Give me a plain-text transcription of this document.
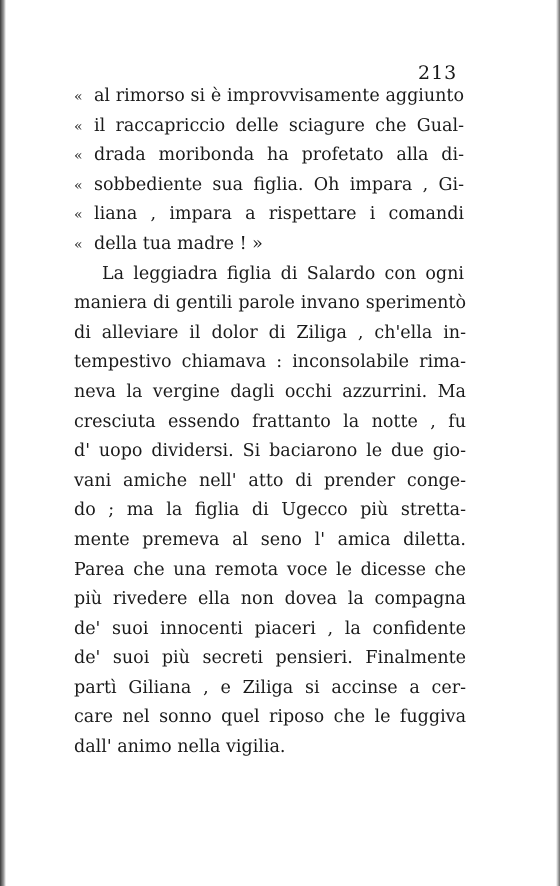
213

« al rimorso si è improvvisamente aggiunto
« il raccapriccio delle sciagure che Gual-
« drada moribonda ha profetato alla di-
« sobbediente sua figlia. Oh impara , Gi-
« liana , impara a rispettare i comandi
« della tua madre ! »
La leggiadra figlia di Salardo con ogni
maniera di gentili parole invano sperimentò
di alleviare il dolor di Ziliga , ch'ella in-
tempestivo chiamava : inconsolabile rima-
neva la vergine dagli occhi azzurrini. Ma
cresciuta essendo frattanto la notte , fu
d' uopo dividersi. Si baciarono le due gio-
vani amiche nell' atto di prender conge-
do ; ma la figlia di Ugeccо più stretta-
mente premeva al seno l' amica diletta.
Parea che una remota voce le dicesse che
più rivedere ella non dovea la compagna
de' suoi innocenti piaceri , la confidente
de' suoi più secreti pensieri. Finalmente
partì Giliana , e Ziliga si accinse a cer-
care nel sonno quel riposo che le fuggiva
dall' animo nella vigilia.
